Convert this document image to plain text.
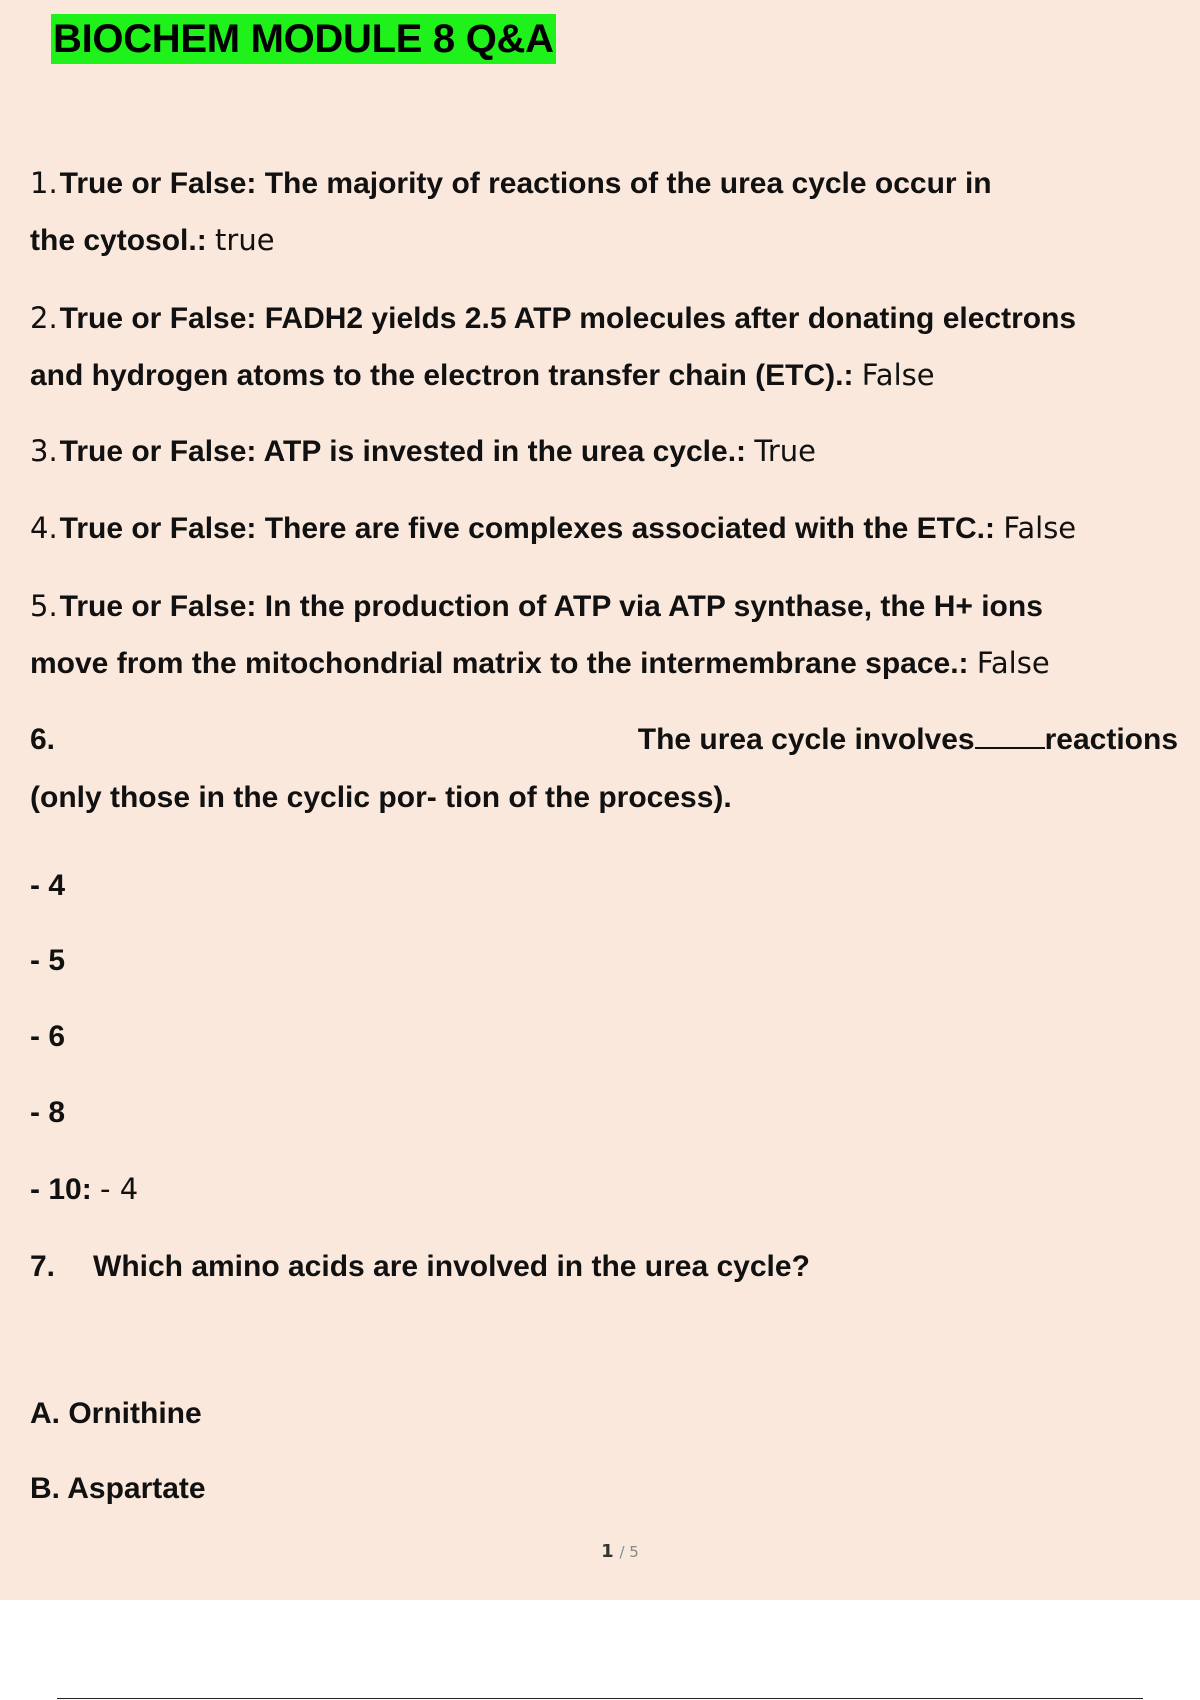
BIOCHEM MODULE 8 Q&A
1.True or False: The majority of reactions of the urea cycle occur in
the cytosol.: true
2.True or False: FADH2 yields 2.5 ATP molecules after donating electrons
and hydrogen atoms to the electron transfer chain (ETC).: False
3.True or False: ATP is invested in the urea cycle.: True
4.True or False: There are five complexes associated with the ETC.: False
5.True or False: In the production of ATP via ATP synthase, the H+ ions
move from the mitochondrial matrix to the intermembrane space.: False
6.	The urea cycle involves reactions
(only those in the cyclic por- tion of the process).
- 4
- 5
- 6
- 8
- 10: - 4
7. Which amino acids are involved in the urea cycle?
A. Ornithine
B. Aspartate
1 / 5
